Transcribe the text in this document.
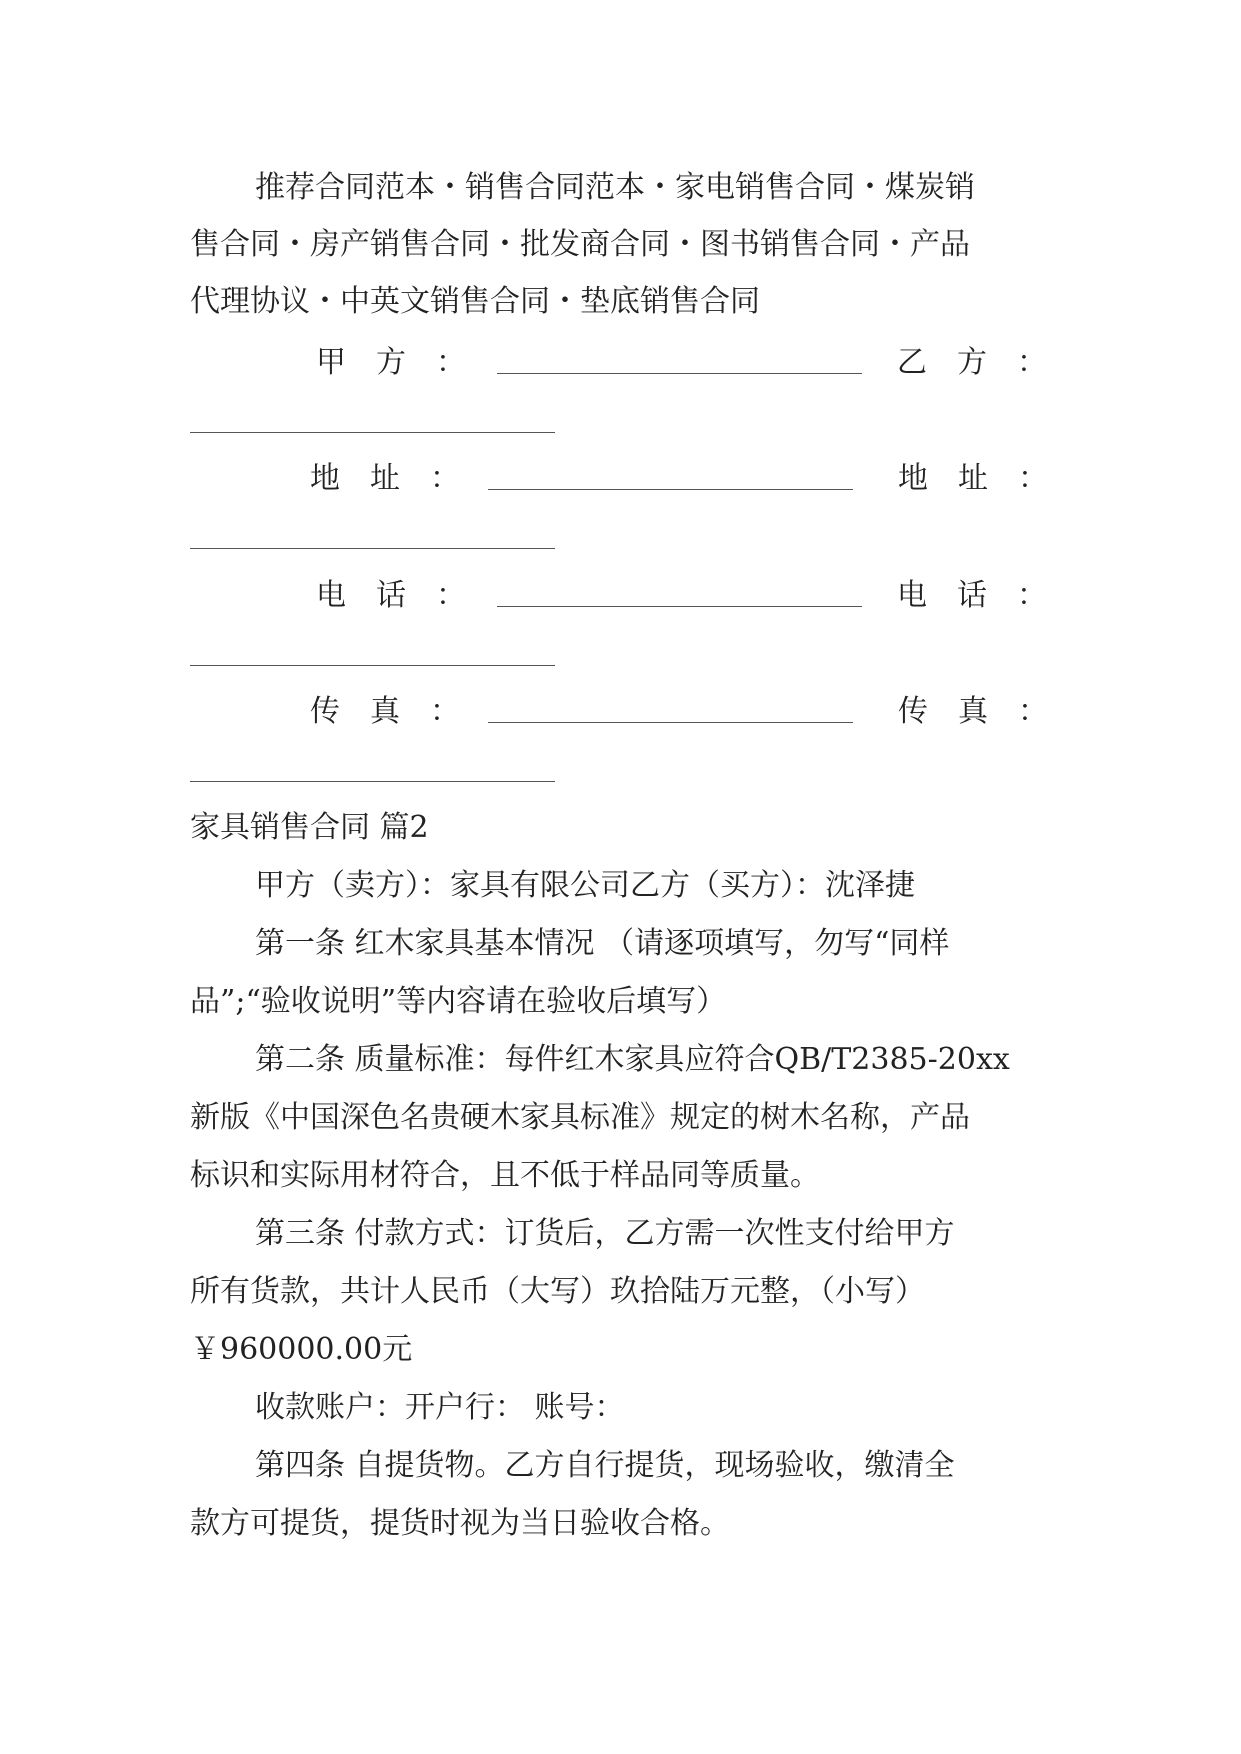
推荐合同范本・销售合同范本・家电销售合同・煤炭销
售合同・房产销售合同・批发商合同・图书销售合同・产品
代理协议・中英文销售合同・垫底销售合同
甲方：	乙方：
地址：	地址：
电话：	电话：
传真：	传真：
家具销售合同 篇2
甲方（卖方）：家具有限公司乙方（买方）：沈泽捷
第一条 红木家具基本情况 （请逐项填写，勿写“同样
品”;“验收说明”等内容请在验收后填写）
第二条 质量标准：每件红木家具应符合QB/T2385-20xx
新版《中国深色名贵硬木家具标准》规定的树木名称，产品
标识和实际用材符合，且不低于样品同等质量。
第三条 付款方式：订货后，乙方需一次性支付给甲方
所有货款，共计人民币（大写）玖拾陆万元整，（小写）
￥960000.00元
收款账户：开户行： 账号：
第四条 自提货物。乙方自行提货，现场验收，缴清全
款方可提货，提货时视为当日验收合格。
